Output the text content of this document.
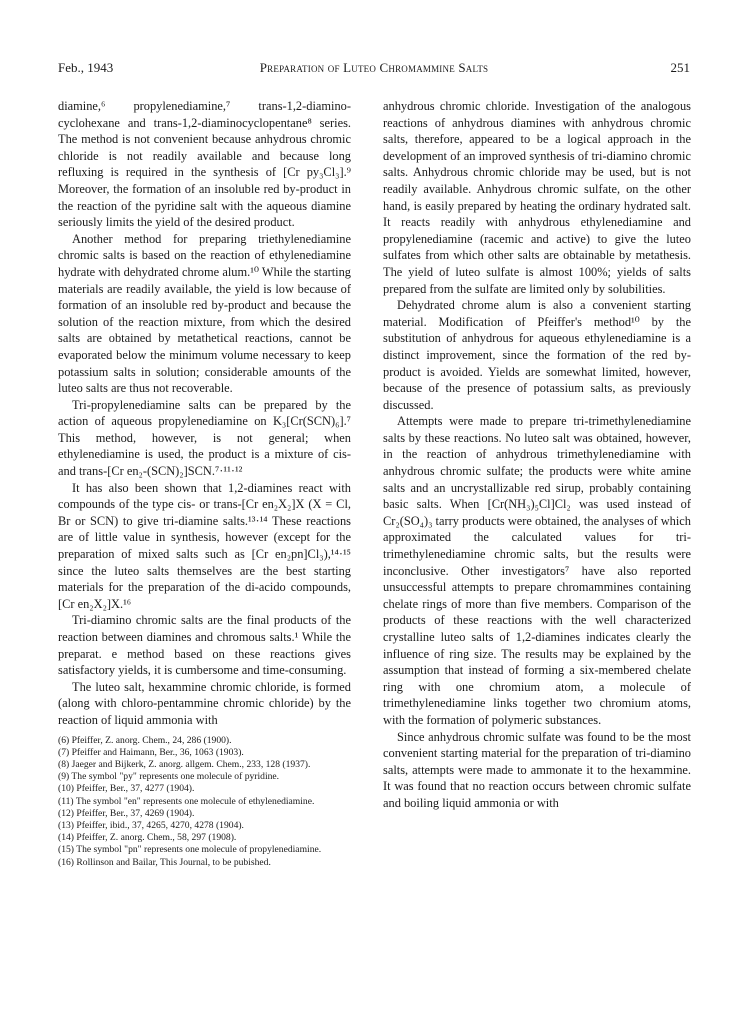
Feb., 1943	Preparation of Luteo Chromammine Salts	251

diamine,⁶ propylenediamine,⁷ trans-1,2-diamino-cyclohexane and trans-1,2-diaminocyclopentane⁸ series. The method is not convenient because anhydrous chromic chloride is not readily available and because long refluxing is required in the synthesis of [Cr py₃Cl₃].⁹ Moreover, the formation of an insoluble red by-product in the reaction of the pyridine salt with the aqueous diamine seriously limits the yield of the desired product.

Another method for preparing triethylenediamine chromic salts is based on the reaction of ethylenediamine hydrate with dehydrated chrome alum.¹⁰ While the starting materials are readily available, the yield is low because of formation of an insoluble red by-product and because the solution of the reaction mixture, from which the desired salts are obtained by metathetical reactions, cannot be evaporated below the minimum volume necessary to keep potassium salts in solution; considerable amounts of the luteo salts are thus not recoverable.

Tri-propylenediamine salts can be prepared by the action of aqueous propylenediamine on K₃[Cr(SCN)₆].⁷ This method, however, is not general; when ethylenediamine is used, the product is a mixture of cis- and trans-[Cr en₂-(SCN)₂]SCN.⁷·¹¹·¹²

It has also been shown that 1,2-diamines react with compounds of the type cis- or trans-[Cr en₂X₂]X (X = Cl, Br or SCN) to give tri-diamine salts.¹³·¹⁴ These reactions are of little value in synthesis, however (except for the preparation of mixed salts such as [Cr en₂pn]Cl₃),¹⁴·¹⁵ since the luteo salts themselves are the best starting materials for the preparation of the di-acido compounds, [Cr en₂X₂]X.¹⁶

Tri-diamino chromic salts are the final products of the reaction between diamines and chromous salts.¹ While the preparat. e method based on these reactions gives satisfactory yields, it is cumbersome and time-consuming.

The luteo salt, hexammine chromic chloride, is formed (along with chloro-pentammine chromic chloride) by the reaction of liquid ammonia with

(6) Pfeiffer, Z. anorg. Chem., 24, 286 (1900).
(7) Pfeiffer and Haimann, Ber., 36, 1063 (1903).
(8) Jaeger and Bijkerk, Z. anorg. allgem. Chem., 233, 128 (1937).
(9) The symbol "py" represents one molecule of pyridine.
(10) Pfeiffer, Ber., 37, 4277 (1904).
(11) The symbol "en" represents one molecule of ethylenediamine.
(12) Pfeiffer, Ber., 37, 4269 (1904).
(13) Pfeiffer, ibid., 37, 4265, 4270, 4278 (1904).
(14) Pfeiffer, Z. anorg. Chem., 58, 297 (1908).
(15) The symbol "pn" represents one molecule of propylenediamine.
(16) Rollinson and Bailar, This Journal, to be pubished.

anhydrous chromic chloride. Investigation of the analogous reactions of anhydrous diamines with anhydrous chromic salts, therefore, appeared to be a logical approach in the development of an improved synthesis of tri-diamino chromic salts. Anhydrous chromic chloride may be used, but is not readily available. Anhydrous chromic sulfate, on the other hand, is easily prepared by heating the ordinary hydrated salt. It reacts readily with anhydrous ethylenediamine and propylenediamine (racemic and active) to give the luteo sulfates from which other salts are obtainable by metathesis. The yield of luteo sulfate is almost 100%; yields of salts prepared from the sulfate are limited only by solubilities.

Dehydrated chrome alum is also a convenient starting material. Modification of Pfeiffer's method¹⁰ by the substitution of anhydrous for aqueous ethylenediamine is a distinct improvement, since the formation of the red by-product is avoided. Yields are somewhat limited, however, because of the presence of potassium salts, as previously discussed.

Attempts were made to prepare tri-trimethylenediamine salts by these reactions. No luteo salt was obtained, however, in the reaction of anhydrous trimethylenediamine with anhydrous chromic sulfate; the products were white amine salts and an uncrystallizable red sirup, probably containing basic salts. When [Cr(NH₃)₅Cl]Cl₂ was used instead of Cr₂(SO₄)₃ tarry products were obtained, the analyses of which approximated the calculated values for tri-trimethylenediamine chromic salts, but the results were inconclusive. Other investigators⁷ have also reported unsuccessful attempts to prepare chromammines containing chelate rings of more than five members. Comparison of the products of these reactions with the well characterized crystalline luteo salts of 1,2-diamines indicates clearly the influence of ring size. The results may be explained by the assumption that instead of forming a six-membered chelate ring with one chromium atom, a molecule of trimethylenediamine links together two chromium atoms, with the formation of polymeric substances.

Since anhydrous chromic sulfate was found to be the most convenient starting material for the preparation of tri-diamino salts, attempts were made to ammonate it to the hexammine. It was found that no reaction occurs between chromic sulfate and boiling liquid ammonia or with
